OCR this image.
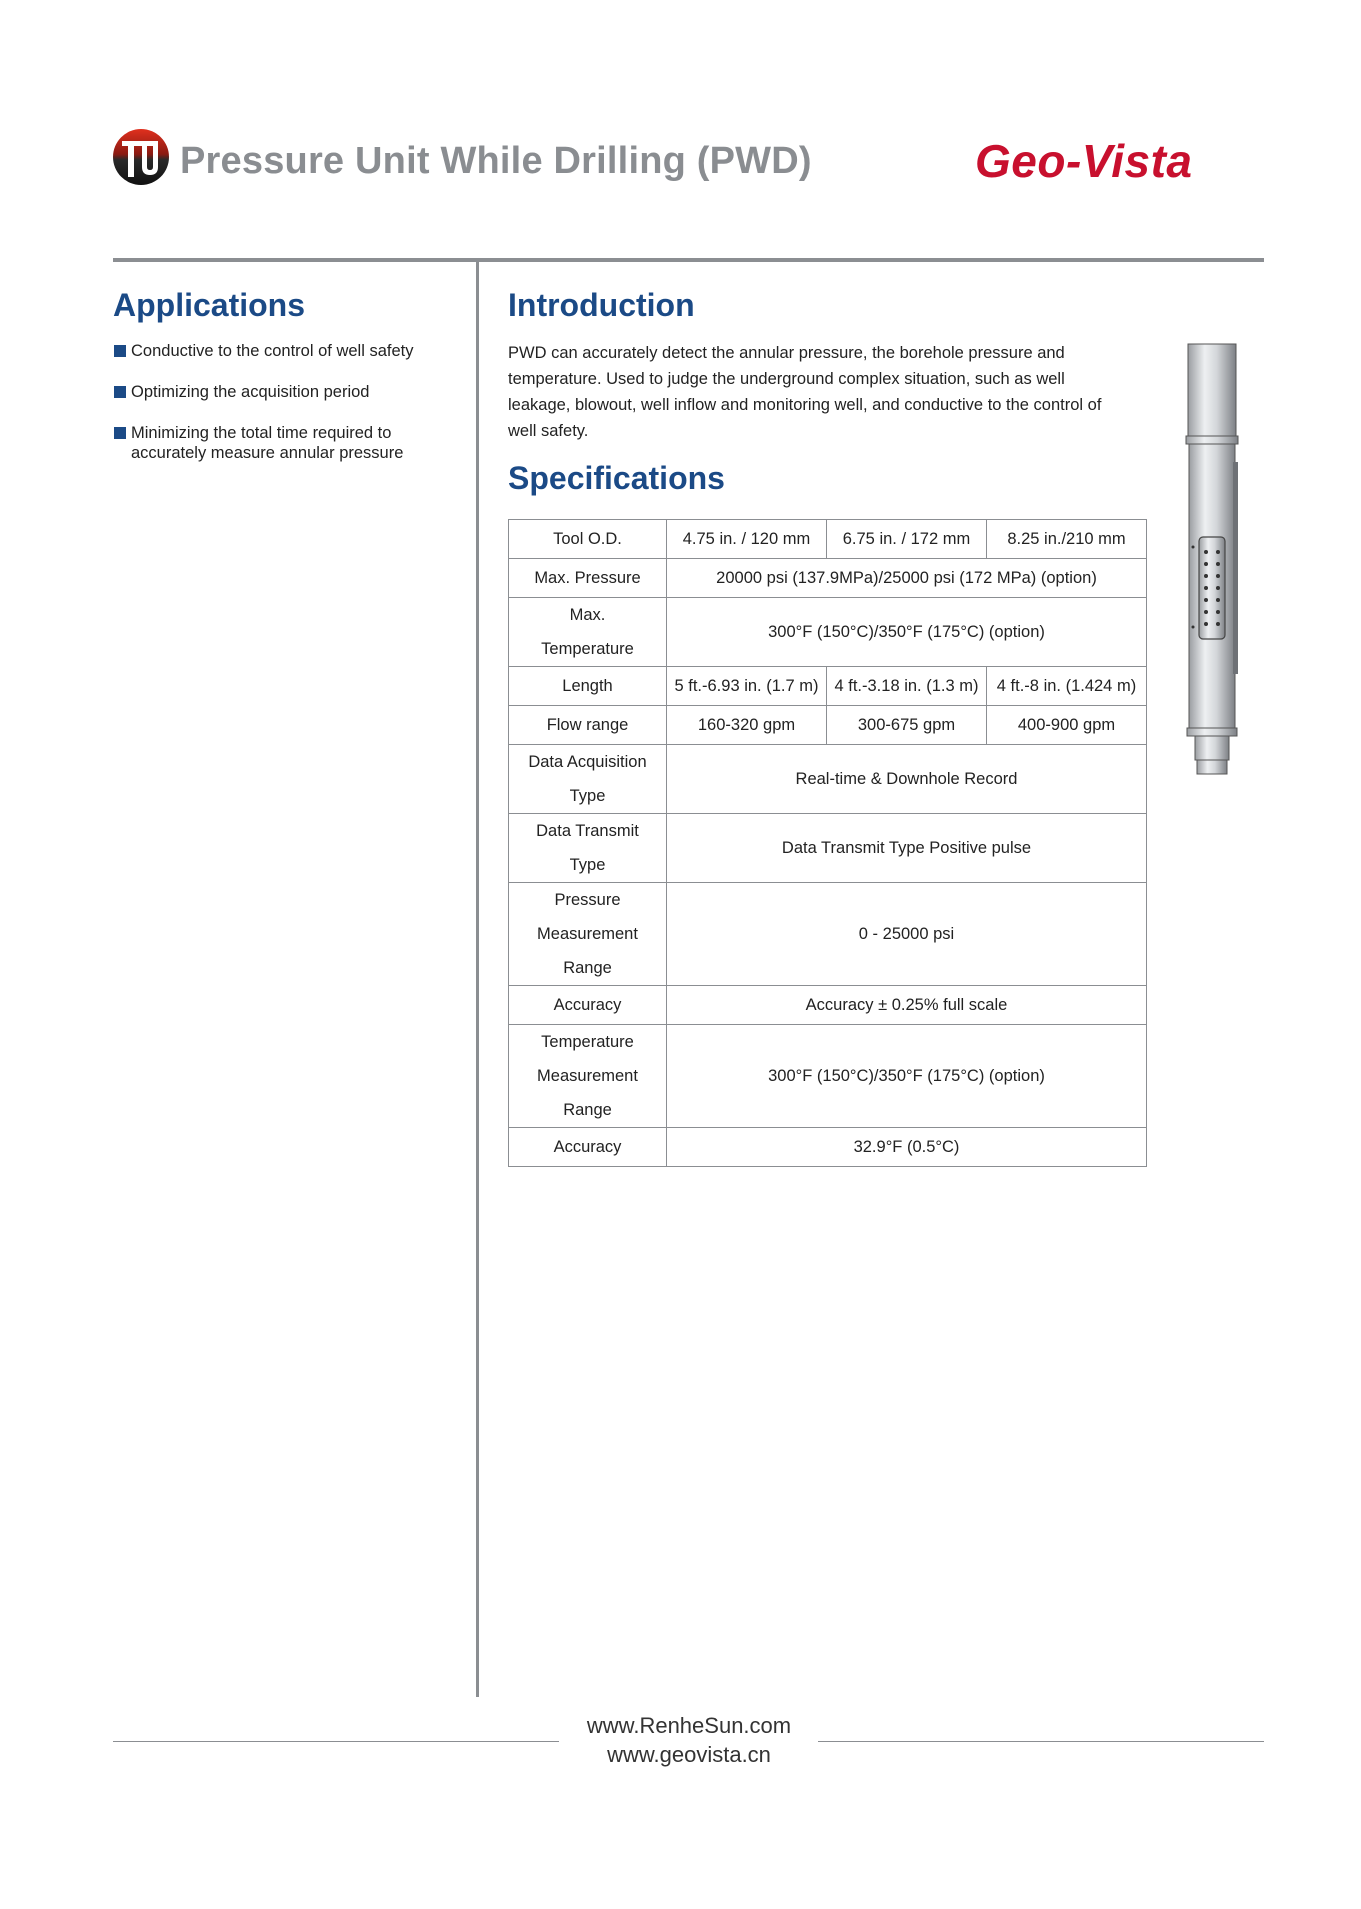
Pressure Unit While Drilling (PWD)	Geo-Vista
Applications
Conductive to the control of well safety
Optimizing the acquisition period
Minimizing the total time required to accurately measure annular pressure
Introduction

PWD can accurately detect the annular pressure, the borehole pressure and temperature. Used to judge the underground complex situation, such as well leakage, blowout, well inflow and monitoring well, and conductive to the control of well safety.

Specifications
Tool O.D.	4.75 in. / 120 mm	6.75 in. / 172 mm	8.25 in./210 mm
Max. Pressure	20000 psi (137.9MPa)/25000 psi (172 MPa) (option)		
Max. Temperature	300°F (150°C)/350°F (175°C) (option)		
Length	5 ft.-6.93 in. (1.7 m)	4 ft.-3.18 in. (1.3 m)	4 ft.-8 in. (1.424 m)
Flow range	160-320 gpm	300-675 gpm	400-900 gpm
Data Acquisition Type	Real-time & Downhole Record		
Data Transmit Type	Data Transmit Type Positive pulse		
Pressure Measurement Range	0 - 25000 psi		
Accuracy	Accuracy ± 0.25% full scale		
Temperature Measurement Range	300°F (150°C)/350°F (175°C) (option)		
Accuracy	32.9°F (0.5°C)		
www.RenheSun.com
www.geovista.cn
